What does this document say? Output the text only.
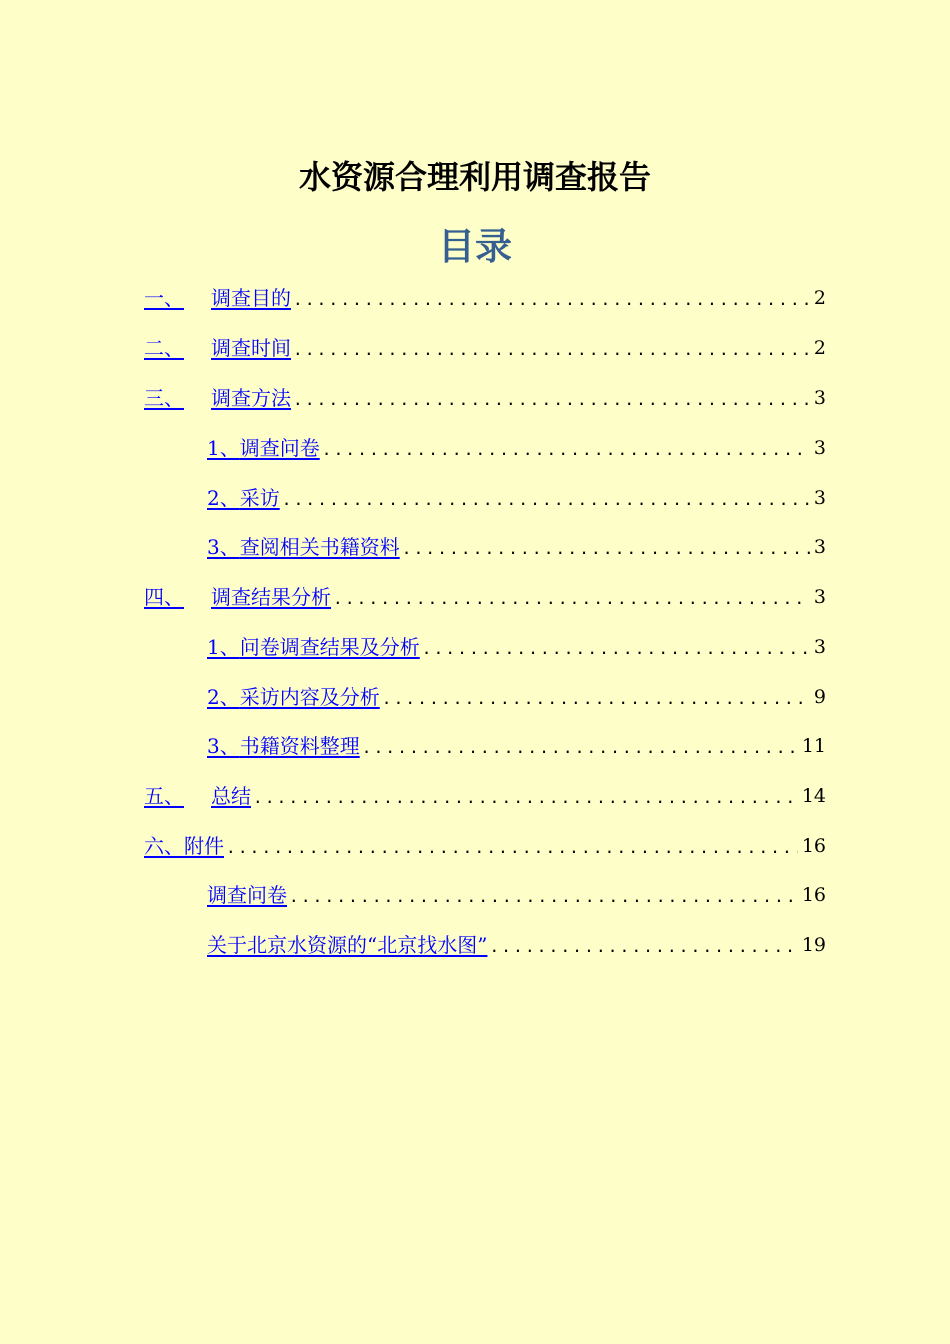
水资源合理利用调查报告
目录
一、	调查目的 .....	2
二、	调查时间 .....	2
三、	调查方法 .....	3
1、 调查问卷 .....	3
2、 采访 .....	3
3、 查阅相关书籍资料 .....	3
四、	调查结果分析 .....	3
1、 问卷调查结果及分析 .....	3
2、 采访内容及分析 .....	9
3、 书籍资料整理 .....	11
五、	总结 .....	14
六、附件 .....	16
调查问卷 .....	16
关于北京水资源的“北京找水图” .....	19
